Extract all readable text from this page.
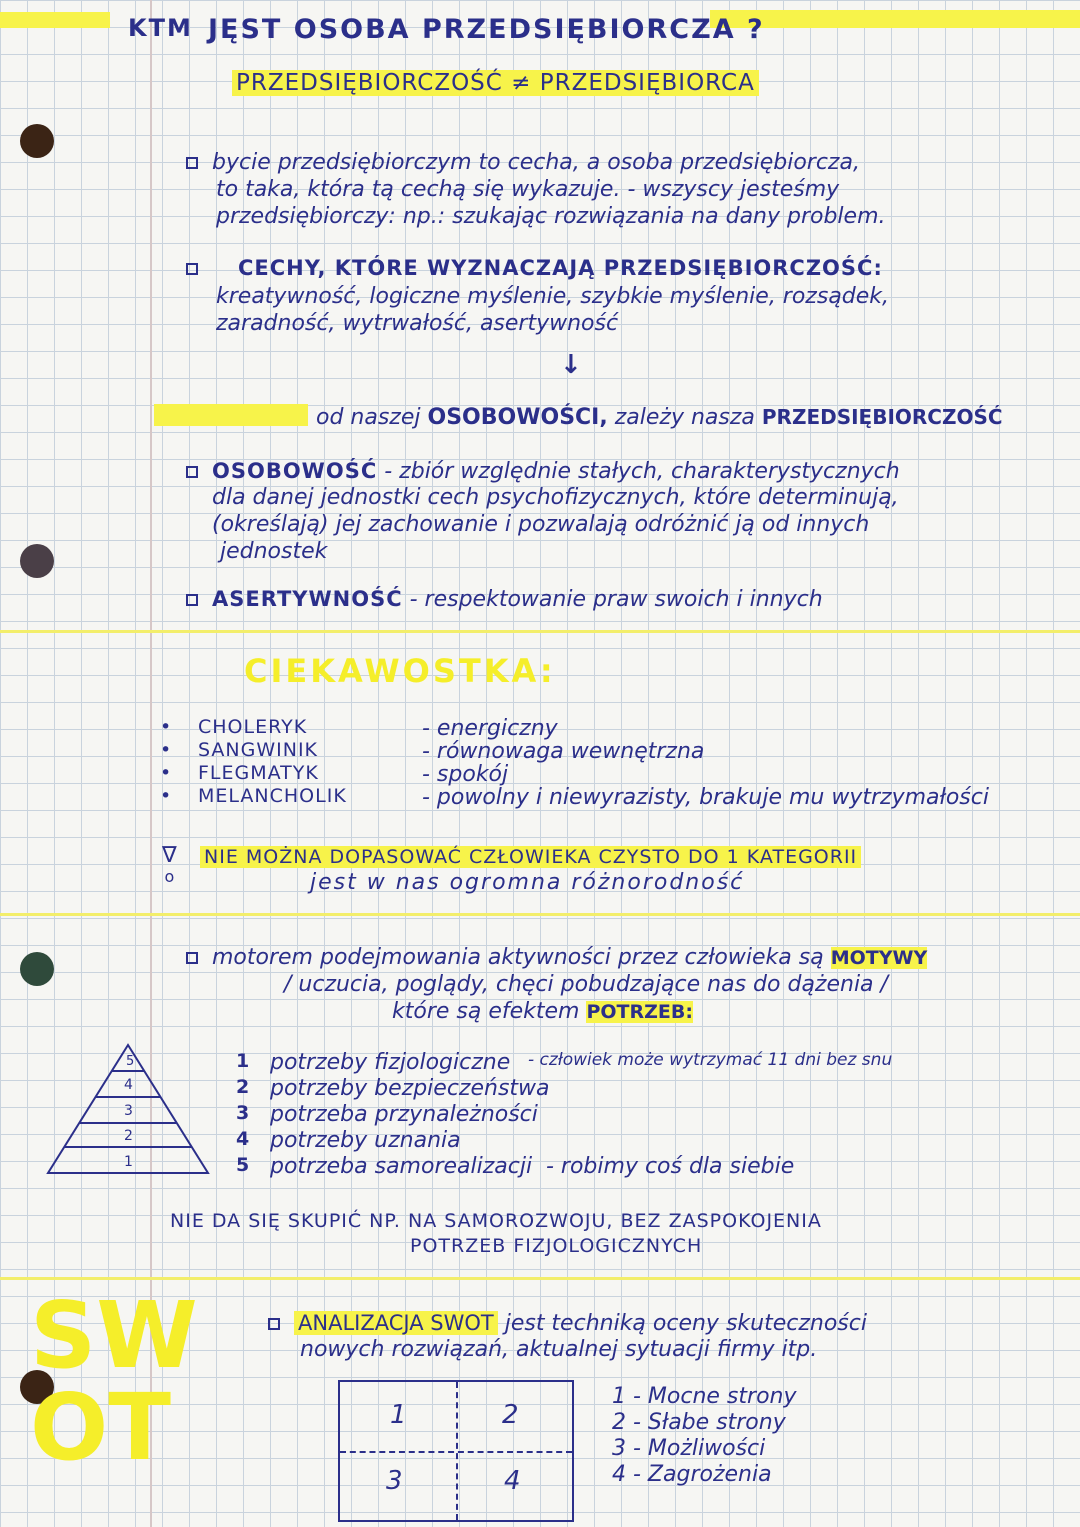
KTM JĘST OSOBA PRZEDSIĘBIORCZA ?
PRZEDSIĘBIORCZOŚĆ ≠ PRZEDSIĘBIORCA
bycie przedsiębiorczym to cecha, a osoba przedsiębiorcza,
to taka, która tą cechą się wykazuje. - wszyscy jesteśmy
przedsiębiorczy: np.: szukając rozwiązania na dany problem.
CECHY, KTÓRE WYZNACZAJĄ PRZEDSIĘBIORCZOŚĆ:
kreatywność, logiczne myślenie, szybkie myślenie, rozsądek,
zaradność, wytrwałość, asertywność
↓
od naszej OSOBOWOŚCI, zależy nasza PRZEDSIĘBIORCZOŚĆ
OSOBOWOŚĆ - zbiór względnie stałych, charakterystycznych
dla danej jednostki cech psychofizycznych, które determinują,
(określają) jej zachowanie i pozwalają odróżnić ją od innych
jednostek
ASERTYWNOŚĆ - respektowanie praw swoich i innych
CIEKAWOSTKA:
• CHOLERYK	- energiczny
• SANGWINIK	- równowaga wewnętrzna
• FLEGMATYK	- spokój
• MELANCHOLIK	- powolny i niewyrazisty, brakuje mu wytrzymałości
∇
o
NIE MOŻNA DOPASOWAĆ CZŁOWIEKA CZYSTO DO 1 KATEGORII
jest w nas ogromna różnorodność
motorem podejmowania aktywności przez człowieka są MOTYWY
/ uczucia, poglądy, chęci pobudzające nas do dążenia /
które są efektem POTRZEB:
5
4
3
2
1
1 potrzeby fizjologiczne - człowiek może wytrzymać 11 dni bez snu
2 potrzeby bezpieczeństwa
3 potrzeba przynależności
4 potrzeby uznania
5 potrzeba samorealizacji - robimy coś dla siebie
NIE DA SIĘ SKUPIĆ NP. NA SAMOROZWOJU, BEZ ZASPOKOJENIA
POTRZEB FIZJOLOGICZNYCH
SW OT
ANALIZACJA SWOT jest techniką oceny skuteczności
nowych rozwiązań, aktualnej sytuacji firmy itp.
1	2
3	4
1 - Mocne strony
2 - Słabe strony
3 - Możliwości
4 - Zagrożenia
